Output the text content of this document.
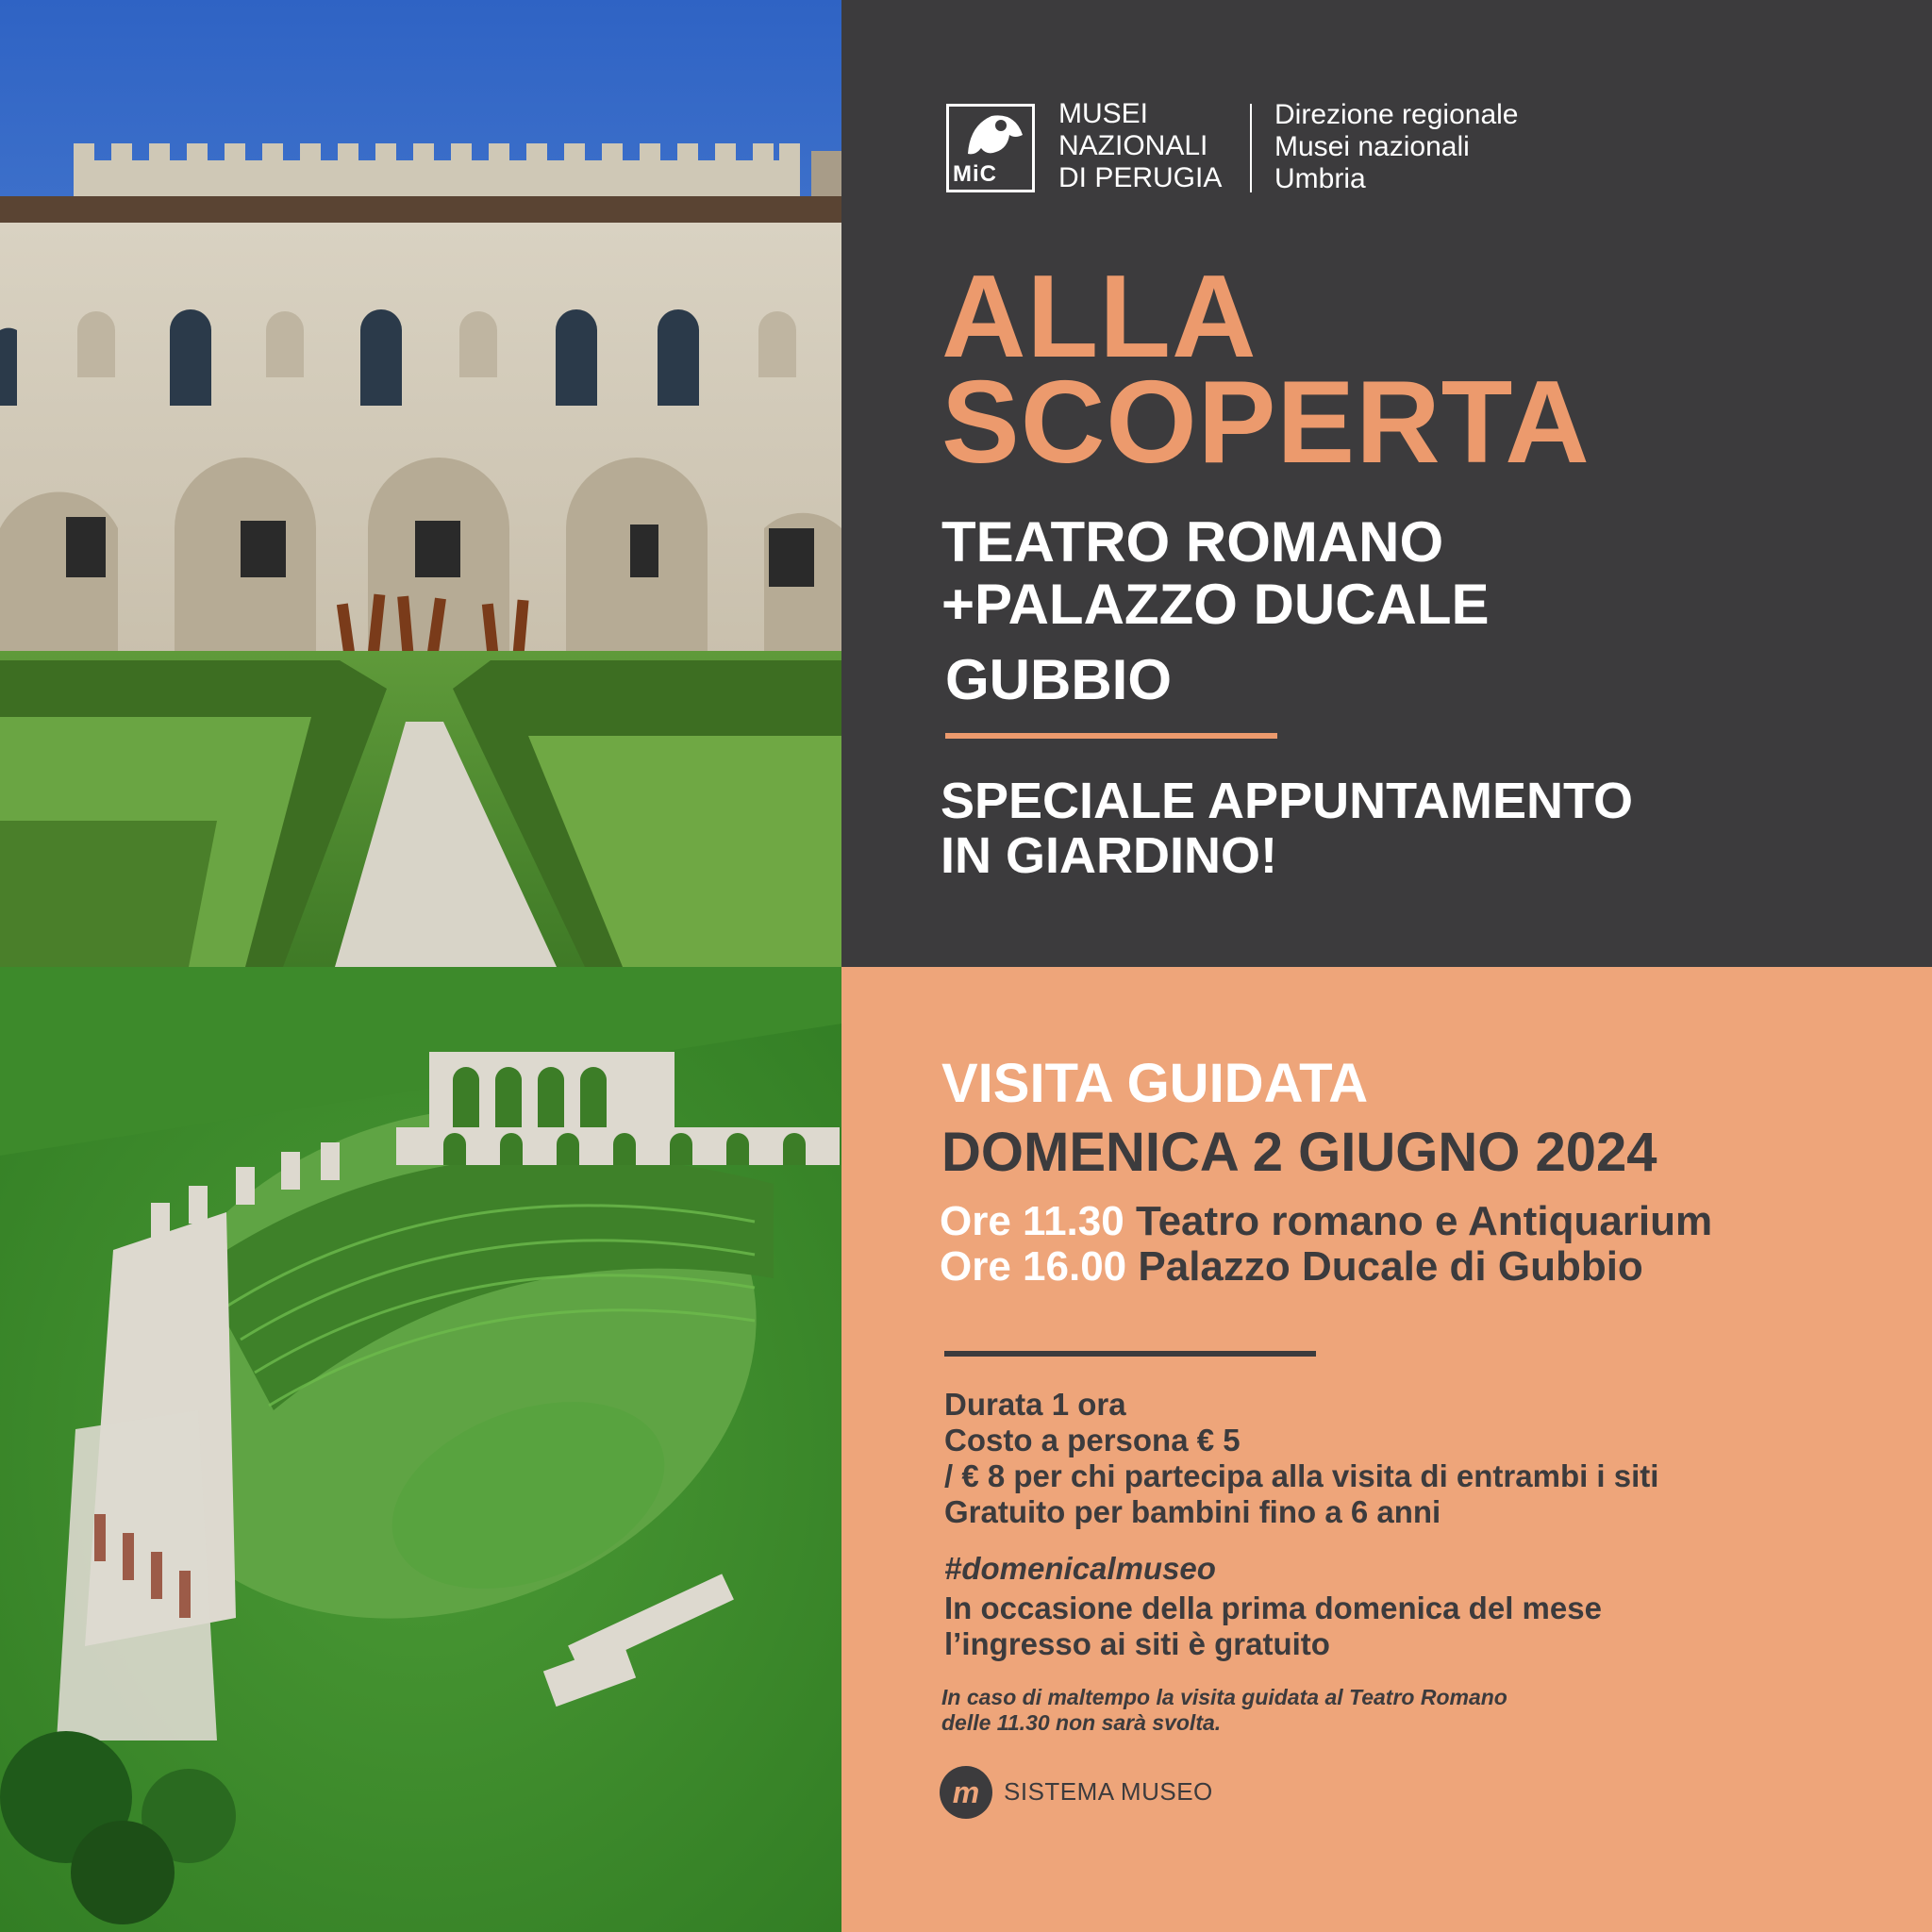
MiC
MUSEI
NAZIONALI
DI PERUGIA
Direzione regionale
Musei nazionali
Umbria
ALLA
SCOPERTA
TEATRO ROMANO
+PALAZZO DUCALE
GUBBIO
SPECIALE APPUNTAMENTO
IN GIARDINO!
VISITA GUIDATA
DOMENICA 2 GIUGNO 2024
Ore 11.30 Teatro romano e Antiquarium
Ore 16.00 Palazzo Ducale di Gubbio
Durata 1 ora
Costo a persona € 5
/ € 8 per chi partecipa alla visita di entrambi i siti
Gratuito per bambini fino a 6 anni
#domenicalmuseo
In occasione della prima domenica del mese
l’ingresso ai siti è gratuito
In caso di maltempo la visita guidata al Teatro Romano
delle 11.30 non sarà svolta.
m SISTEMA MUSEO
